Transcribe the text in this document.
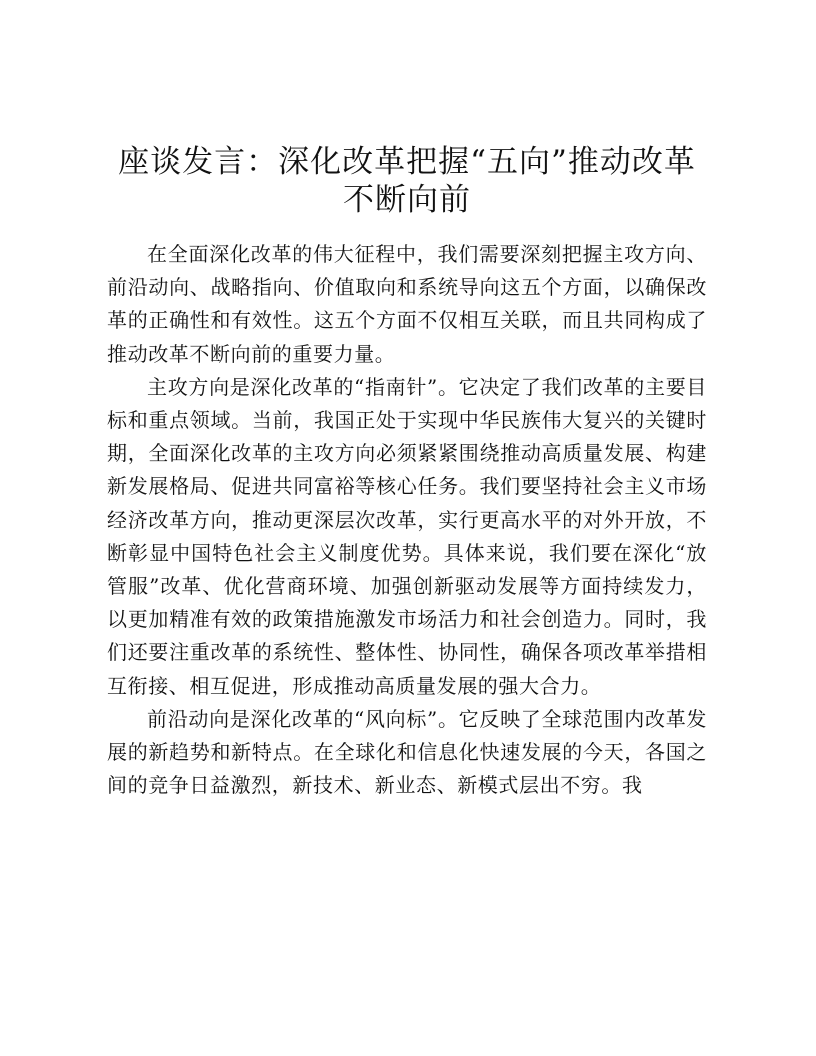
座谈发言：深化改革把握“五向”推动改革不断向前

在全面深化改革的伟大征程中，我们需要深刻把握主攻方向、前沿动向、战略指向、价值取向和系统导向这五个方面，以确保改革的正确性和有效性。这五个方面不仅相互关联，而且共同构成了推动改革不断向前的重要力量。

主攻方向是深化改革的“指南针”。它决定了我们改革的主要目标和重点领域。当前，我国正处于实现中华民族伟大复兴的关键时期，全面深化改革的主攻方向必须紧紧围绕推动高质量发展、构建新发展格局、促进共同富裕等核心任务。我们要坚持社会主义市场经济改革方向，推动更深层次改革，实行更高水平的对外开放，不断彰显中国特色社会主义制度优势。具体来说，我们要在深化“放管服”改革、优化营商环境、加强创新驱动发展等方面持续发力，以更加精准有效的政策措施激发市场活力和社会创造力。同时，我们还要注重改革的系统性、整体性、协同性，确保各项改革举措相互衔接、相互促进，形成推动高质量发展的强大合力。

前沿动向是深化改革的“风向标”。它反映了全球范围内改革发展的新趋势和新特点。在全球化和信息化快速发展的今天，各国之间的竞争日益激烈，新技术、新业态、新模式层出不穷。我
